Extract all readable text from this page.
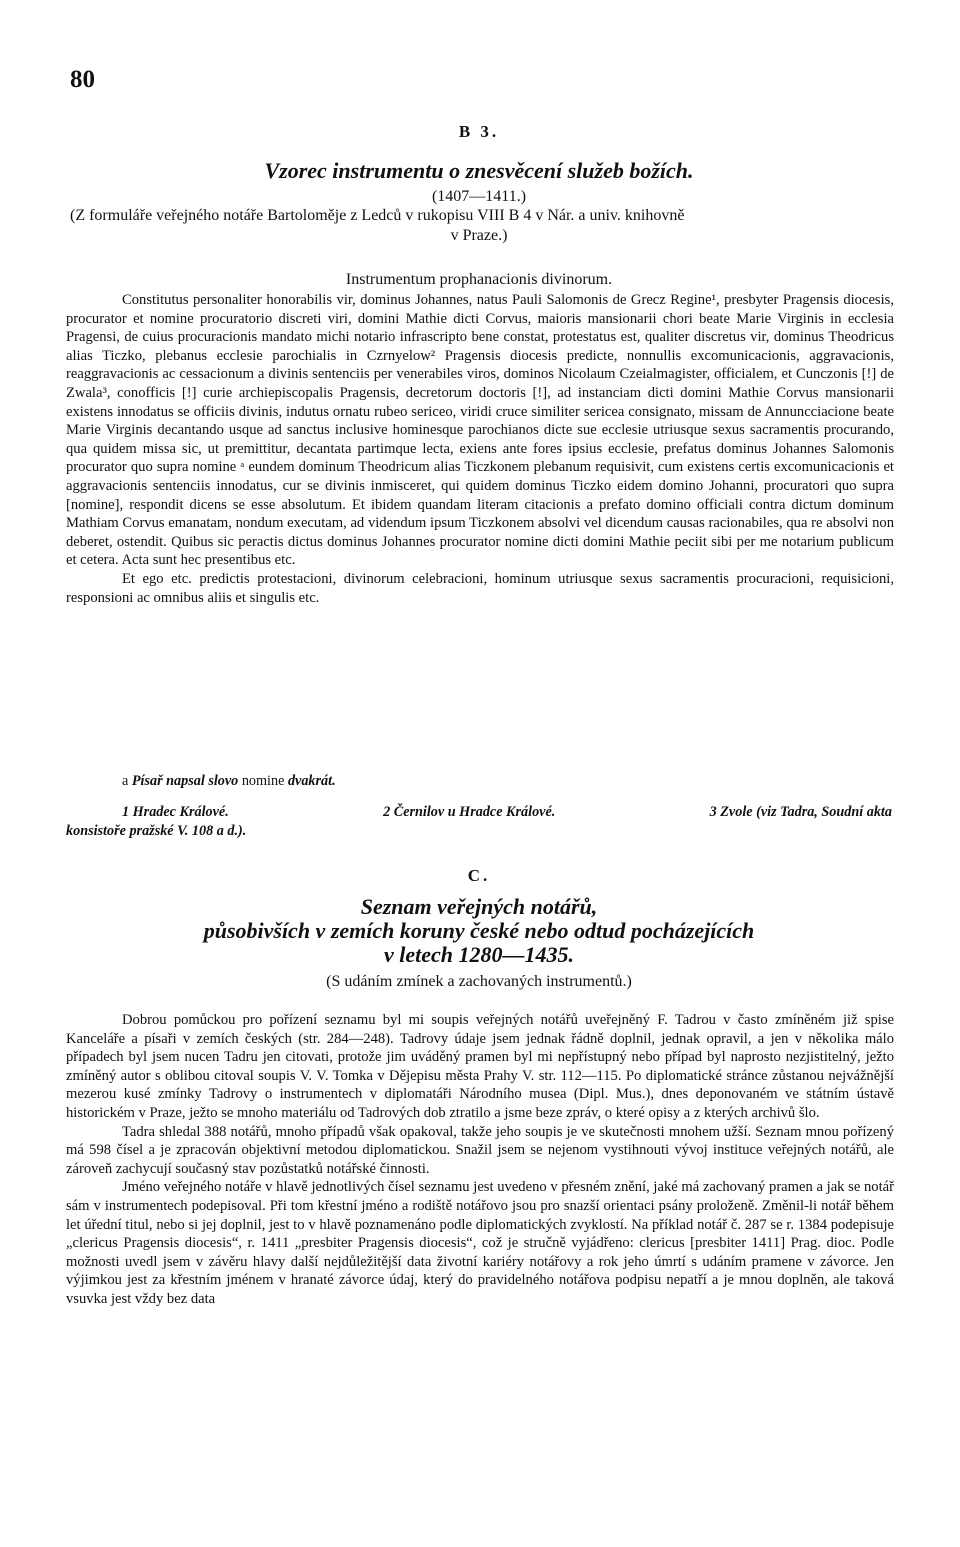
80
B 3.
Vzorec instrumentu o znesvěcení služeb božích.
(1407—1411.)
(Z formuláře veřejného notáře Bartoloměje z Ledců v rukopisu VIII B 4 v Nár. a univ. knihovně
v Praze.)
Instrumentum prophanacionis divinorum.

Constitutus personaliter honorabilis vir, dominus Johannes, natus Pauli Salomonis de Grecz Regine¹, presbyter Pragensis diocesis, procurator et nomine procuratorio discreti viri, domini Mathie dicti Corvus, maioris mansionarii chori beate Marie Virginis in ecclesia Pragensi, de cuius procuracionis mandato michi notario infrascripto bene constat, protestatus est, qualiter discretus vir, dominus Theodricus alias Ticzko, plebanus ecclesie parochialis in Czrnyelow² Pragensis diocesis predicte, nonnullis excomunicacionis, aggravacionis, reaggravacionis ac cessacionum a divinis sentenciis per venerabiles viros, dominos Nicolaum Czeialmagister, officialem, et Cunczonis [!] de Zwala³, conofficis [!] curie archiepiscopalis Pragensis, decretorum doctoris [!], ad instanciam dicti domini Mathie Corvus mansionarii existens innodatus se officiis divinis, indutus ornatu rubeo sericeo, viridi cruce similiter sericea consignato, missam de Annuncciacione beate Marie Virginis decantando usque ad sanctus inclusive hominesque parochianos dicte sue ecclesie utriusque sexus sacramentis procurando, qua quidem missa sic, ut premittitur, decantata partimque lecta, exiens ante fores ipsius ecclesie, prefatus dominus Johannes Salomonis procurator quo supra nomine ᵃ eundem dominum Theodricum alias Ticzkonem plebanum requisivit, cum existens certis excomunicacionis et aggravacionis sentenciis innodatus, cur se divinis inmisceret, qui quidem dominus Ticzko eidem domino Johanni, procuratori quo supra [nomine], respondit dicens se esse absolutum. Et ibidem quandam literam citacionis a prefato domino officiali contra dictum dominum Mathiam Corvus emanatam, nondum executam, ad videndum ipsum Ticzkonem absolvi vel dicendum causas racionabiles, qua re absolvi non deberet, ostendit. Quibus sic peractis dictus dominus Johannes procurator nomine dicti domini Mathie peciit sibi per me notarium publicum et cetera. Acta sunt hec presentibus etc.

Et ego etc. predictis protestacioni, divinorum celebracioni, hominum utriusque sexus sacramentis procuracioni, requisicioni, responsioni ac omnibus aliis et singulis etc.

a Písař napsal slovo nomine dvakrát.
1 Hradec Králové.	2 Černilov u Hradce Králové.	3 Zvole (viz Tadra, Soudní akta
konsistoře pražské V. 108 a d.).
C.
Seznam veřejných notářů,
působivších v zemích koruny české nebo odtud pocházejících
v letech 1280—1435.
(S udáním zmínek a zachovaných instrumentů.)

Dobrou pomůckou pro pořízení seznamu byl mi soupis veřejných notářů uveřejněný F. Tadrou v často zmíněném již spise Kanceláře a písaři v zemích českých (str. 284—248). Tadrovy údaje jsem jednak řádně doplnil, jednak opravil, a jen v několika málo případech byl jsem nucen Tadru jen citovati, protože jim uváděný pramen byl mi nepřístupný nebo případ byl naprosto nezjistitelný, ježto zmíněný autor s oblibou citoval soupis V. V. Tomka v Dějepisu města Prahy V. str. 112—115. Po diplomatické stránce zůstanou nejvážnější mezerou kusé zmínky Tadrovy o instrumentech v diplomatáři Národního musea (Dipl. Mus.), dnes deponovaném ve státním ústavě historickém v Praze, ježto se mnoho materiálu od Tadrových dob ztratilo a jsme beze zpráv, o které opisy a z kterých archivů šlo.

Tadra shledal 388 notářů, mnoho případů však opakoval, takže jeho soupis je ve skutečnosti mnohem užší. Seznam mnou pořízený má 598 čísel a je zpracován objektivní metodou diplomatickou. Snažil jsem se nejenom vystihnouti vývoj instituce veřejných notářů, ale zároveň zachycují současný stav pozůstatků notářské činnosti.

Jméno veřejného notáře v hlavě jednotlivých čísel seznamu jest uvedeno v přesném znění, jaké má zachovaný pramen a jak se notář sám v instrumentech podepisoval. Při tom křestní jméno a rodiště notářovo jsou pro snazší orientaci psány proloženě. Změnil-li notář během let úřední titul, nebo si jej doplnil, jest to v hlavě poznamenáno podle diplomatických zvyklostí. Na příklad notář č. 287 se r. 1384 podepisuje „clericus Pragensis diocesis“, r. 1411 „presbiter Pragensis diocesis“, což je stručně vyjádřeno: clericus [presbiter 1411] Prag. dioc. Podle možnosti uvedl jsem v závěru hlavy další nejdůležitější data životní kariéry notářovy a rok jeho úmrtí s udáním pramene v závorce. Jen výjimkou jest za křestním jménem v hranaté závorce údaj, který do pravidelného notářova podpisu nepatří a je mnou doplněn, ale taková vsuvka jest vždy bez data
